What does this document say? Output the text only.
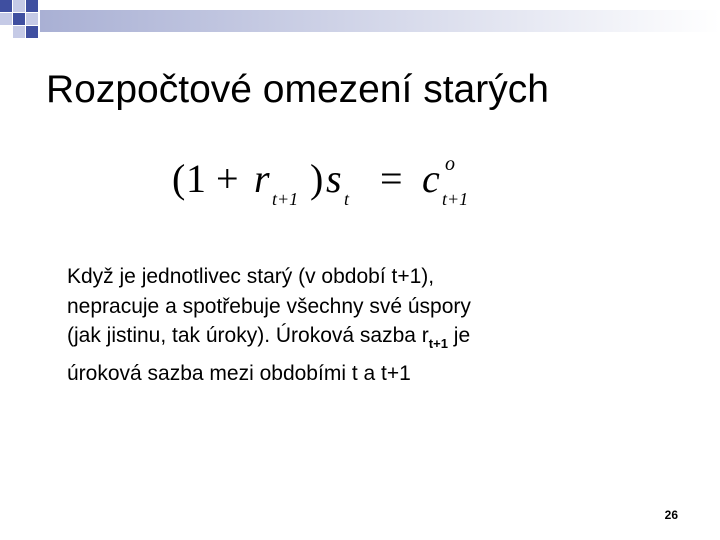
Rozpočtové omezení starých
( 1 + r t+1 ) s t = c o
t+1
Když je jednotlivec starý (v období t+1),
nepracuje a spotřebuje všechny své úspory
(jak jistinu, tak úroky). Úroková sazba $r_{t+1}$ je
úroková sazba mezi obdobími t a t+1
26
